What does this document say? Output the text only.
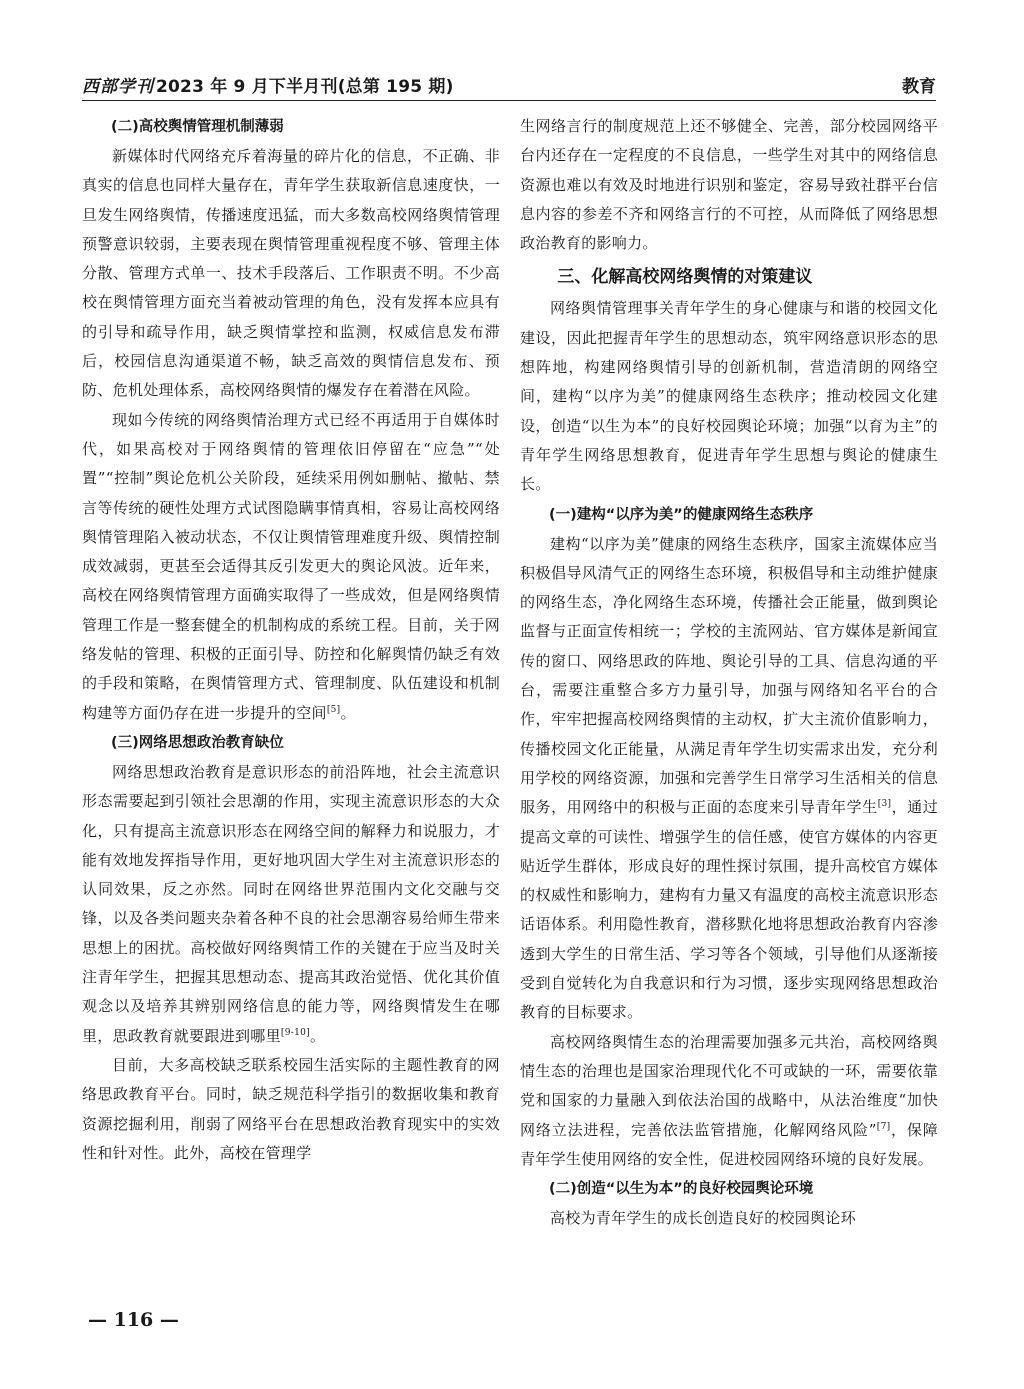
西部学刊 2023 年 9 月下半月刊(总第 195 期)	教育
(二)高校舆情管理机制薄弱

新媒体时代网络充斥着海量的碎片化的信息，不正确、非真实的信息也同样大量存在，青年学生获取新信息速度快，一旦发生网络舆情，传播速度迅猛，而大多数高校网络舆情管理预警意识较弱，主要表现在舆情管理重视程度不够、管理主体分散、管理方式单一、技术手段落后、工作职责不明。不少高校在舆情管理方面充当着被动管理的角色，没有发挥本应具有的引导和疏导作用，缺乏舆情掌控和监测，权威信息发布滞后，校园信息沟通渠道不畅，缺乏高效的舆情信息发布、预防、危机处理体系，高校网络舆情的爆发存在着潜在风险。

现如今传统的网络舆情治理方式已经不再适用于自媒体时代，如果高校对于网络舆情的管理依旧停留在“应急”“处置”“控制”舆论危机公关阶段，延续采用例如删帖、撤帖、禁言等传统的硬性处理方式试图隐瞒事情真相，容易让高校网络舆情管理陷入被动状态，不仅让舆情管理难度升级、舆情控制成效减弱，更甚至会适得其反引发更大的舆论风波。近年来，高校在网络舆情管理方面确实取得了一些成效，但是网络舆情管理工作是一整套健全的机制构成的系统工程。目前，关于网络发帖的管理、积极的正面引导、防控和化解舆情仍缺乏有效的手段和策略，在舆情管理方式、管理制度、队伍建设和机制构建等方面仍存在进一步提升的空间[5]。

(三)网络思想政治教育缺位

网络思想政治教育是意识形态的前沿阵地，社会主流意识形态需要起到引领社会思潮的作用，实现主流意识形态的大众化，只有提高主流意识形态在网络空间的解释力和说服力，才能有效地发挥指导作用，更好地巩固大学生对主流意识形态的认同效果，反之亦然。同时在网络世界范围内文化交融与交锋，以及各类问题夹杂着各种不良的社会思潮容易给师生带来思想上的困扰。高校做好网络舆情工作的关键在于应当及时关注青年学生，把握其思想动态、提高其政治觉悟、优化其价值观念以及培养其辨别网络信息的能力等，网络舆情发生在哪里，思政教育就要跟进到哪里[9-10]。

目前，大多高校缺乏联系校园生活实际的主题性教育的网络思政教育平台。同时，缺乏规范科学指引的数据收集和教育资源挖掘利用，削弱了网络平台在思想政治教育现实中的实效性和针对性。此外，高校在管理学

生网络言行的制度规范上还不够健全、完善，部分校园网络平台内还存在一定程度的不良信息，一些学生对其中的网络信息资源也难以有效及时地进行识别和鉴定，容易导致社群平台信息内容的参差不齐和网络言行的不可控，从而降低了网络思想政治教育的影响力。

三、化解高校网络舆情的对策建议

网络舆情管理事关青年学生的身心健康与和谐的校园文化建设，因此把握青年学生的思想动态，筑牢网络意识形态的思想阵地，构建网络舆情引导的创新机制，营造清朗的网络空间，建构“以序为美”的健康网络生态秩序；推动校园文化建设，创造“以生为本”的良好校园舆论环境；加强“以育为主”的青年学生网络思想教育，促进青年学生思想与舆论的健康生长。

(一)建构“以序为美”的健康网络生态秩序

建构“以序为美”健康的网络生态秩序，国家主流媒体应当积极倡导风清气正的网络生态环境，积极倡导和主动维护健康的网络生态，净化网络生态环境，传播社会正能量，做到舆论监督与正面宣传相统一；学校的主流网站、官方媒体是新闻宣传的窗口、网络思政的阵地、舆论引导的工具、信息沟通的平台，需要注重整合多方力量引导，加强与网络知名平台的合作，牢牢把握高校网络舆情的主动权，扩大主流价值影响力，传播校园文化正能量，从满足青年学生切实需求出发，充分利用学校的网络资源，加强和完善学生日常学习生活相关的信息服务，用网络中的积极与正面的态度来引导青年学生[3]，通过提高文章的可读性、增强学生的信任感，使官方媒体的内容更贴近学生群体，形成良好的理性探讨氛围，提升高校官方媒体的权威性和影响力，建构有力量又有温度的高校主流意识形态话语体系。利用隐性教育，潜移默化地将思想政治教育内容渗透到大学生的日常生活、学习等各个领域，引导他们从逐渐接受到自觉转化为自我意识和行为习惯，逐步实现网络思想政治教育的目标要求。

高校网络舆情生态的治理需要加强多元共治，高校网络舆情生态的治理也是国家治理现代化不可或缺的一环，需要依靠党和国家的力量融入到依法治国的战略中，从法治维度“加快网络立法进程，完善依法监管措施，化解网络风险”[7]，保障青年学生使用网络的安全性，促进校园网络环境的良好发展。

(二)创造“以生为本”的良好校园舆论环境

高校为青年学生的成长创造良好的校园舆论环

— 116 —
